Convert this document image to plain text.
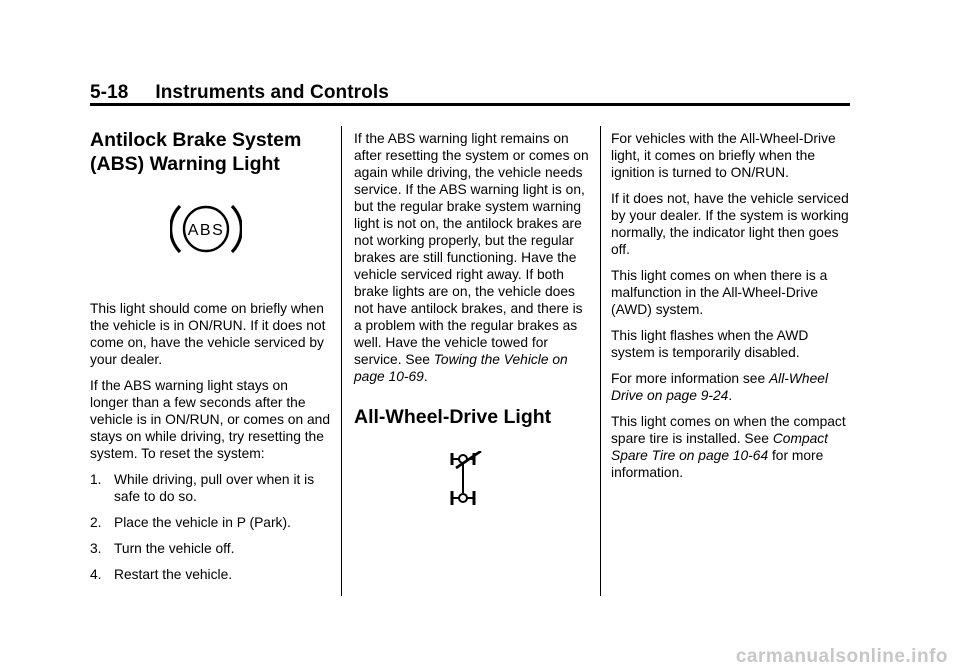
5-18     Instruments and Controls
Antilock Brake System (ABS) Warning Light
ABS

This light should come on briefly when the vehicle is in ON/RUN. If it does not come on, have the vehicle serviced by your dealer.

If the ABS warning light stays on longer than a few seconds after the vehicle is in ON/RUN, or comes on and stays on while driving, try resetting the system. To reset the system:

1. While driving, pull over when it is safe to do so.
2. Place the vehicle in P (Park).
3. Turn the vehicle off.
4. Restart the vehicle.

If the ABS warning light remains on after resetting the system or comes on again while driving, the vehicle needs service. If the ABS warning light is on, but the regular brake system warning light is not on, the antilock brakes are not working properly, but the regular brakes are still functioning. Have the vehicle serviced right away. If both brake lights are on, the vehicle does not have antilock brakes, and there is a problem with the regular brakes as well. Have the vehicle towed for service. See Towing the Vehicle on page 10-69.

All-Wheel-Drive Light

For vehicles with the All-Wheel-Drive light, it comes on briefly when the ignition is turned to ON/RUN.

If it does not, have the vehicle serviced by your dealer. If the system is working normally, the indicator light then goes off.

This light comes on when there is a malfunction in the All-Wheel-Drive (AWD) system.

This light flashes when the AWD system is temporarily disabled.

For more information see All-Wheel Drive on page 9-24.

This light comes on when the compact spare tire is installed. See Compact Spare Tire on page 10-64 for more information.

carmanualsonline.info
